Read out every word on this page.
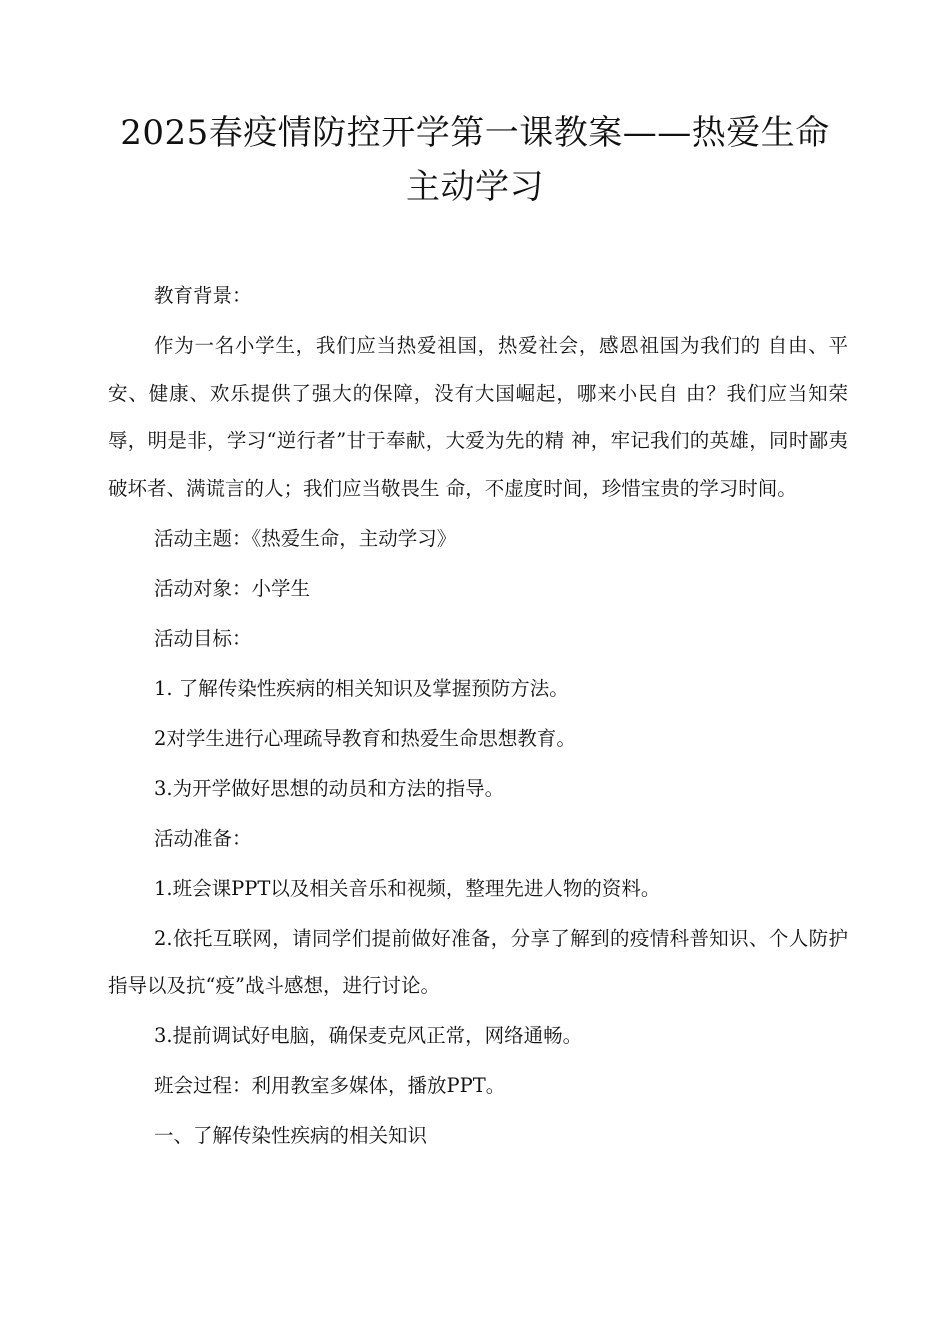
2025春疫情防控开学第一课教案——热爱生命
主动学习

教育背景：

作为一名小学生，我们应当热爱祖国，热爱社会，感恩祖国为我们的 自由、平安、健康、欢乐提供了强大的保障，没有大国崛起，哪来小民自 由？我们应当知荣辱，明是非，学习“逆行者”甘于奉献，大爱为先的精 神，牢记我们的英雄，同时鄙夷破坏者、满谎言的人；我们应当敬畏生 命，不虚度时间，珍惜宝贵的学习时间。

活动主题：《热爱生命，主动学习》

活动对象：小学生

活动目标：

1. 了解传染性疾病的相关知识及掌握预防方法。

2对学生进行心理疏导教育和热爱生命思想教育。

3.为开学做好思想的动员和方法的指导。

活动准备：

1.班会课PPT以及相关音乐和视频，整理先进人物的资料。

2.依托互联网，请同学们提前做好准备，分享了解到的疫情科普知识、个人防护指导以及抗“疫”战斗感想，进行讨论。

3.提前调试好电脑，确保麦克风正常，网络通畅。

班会过程：利用教室多媒体，播放PPT。

一、了解传染性疾病的相关知识
